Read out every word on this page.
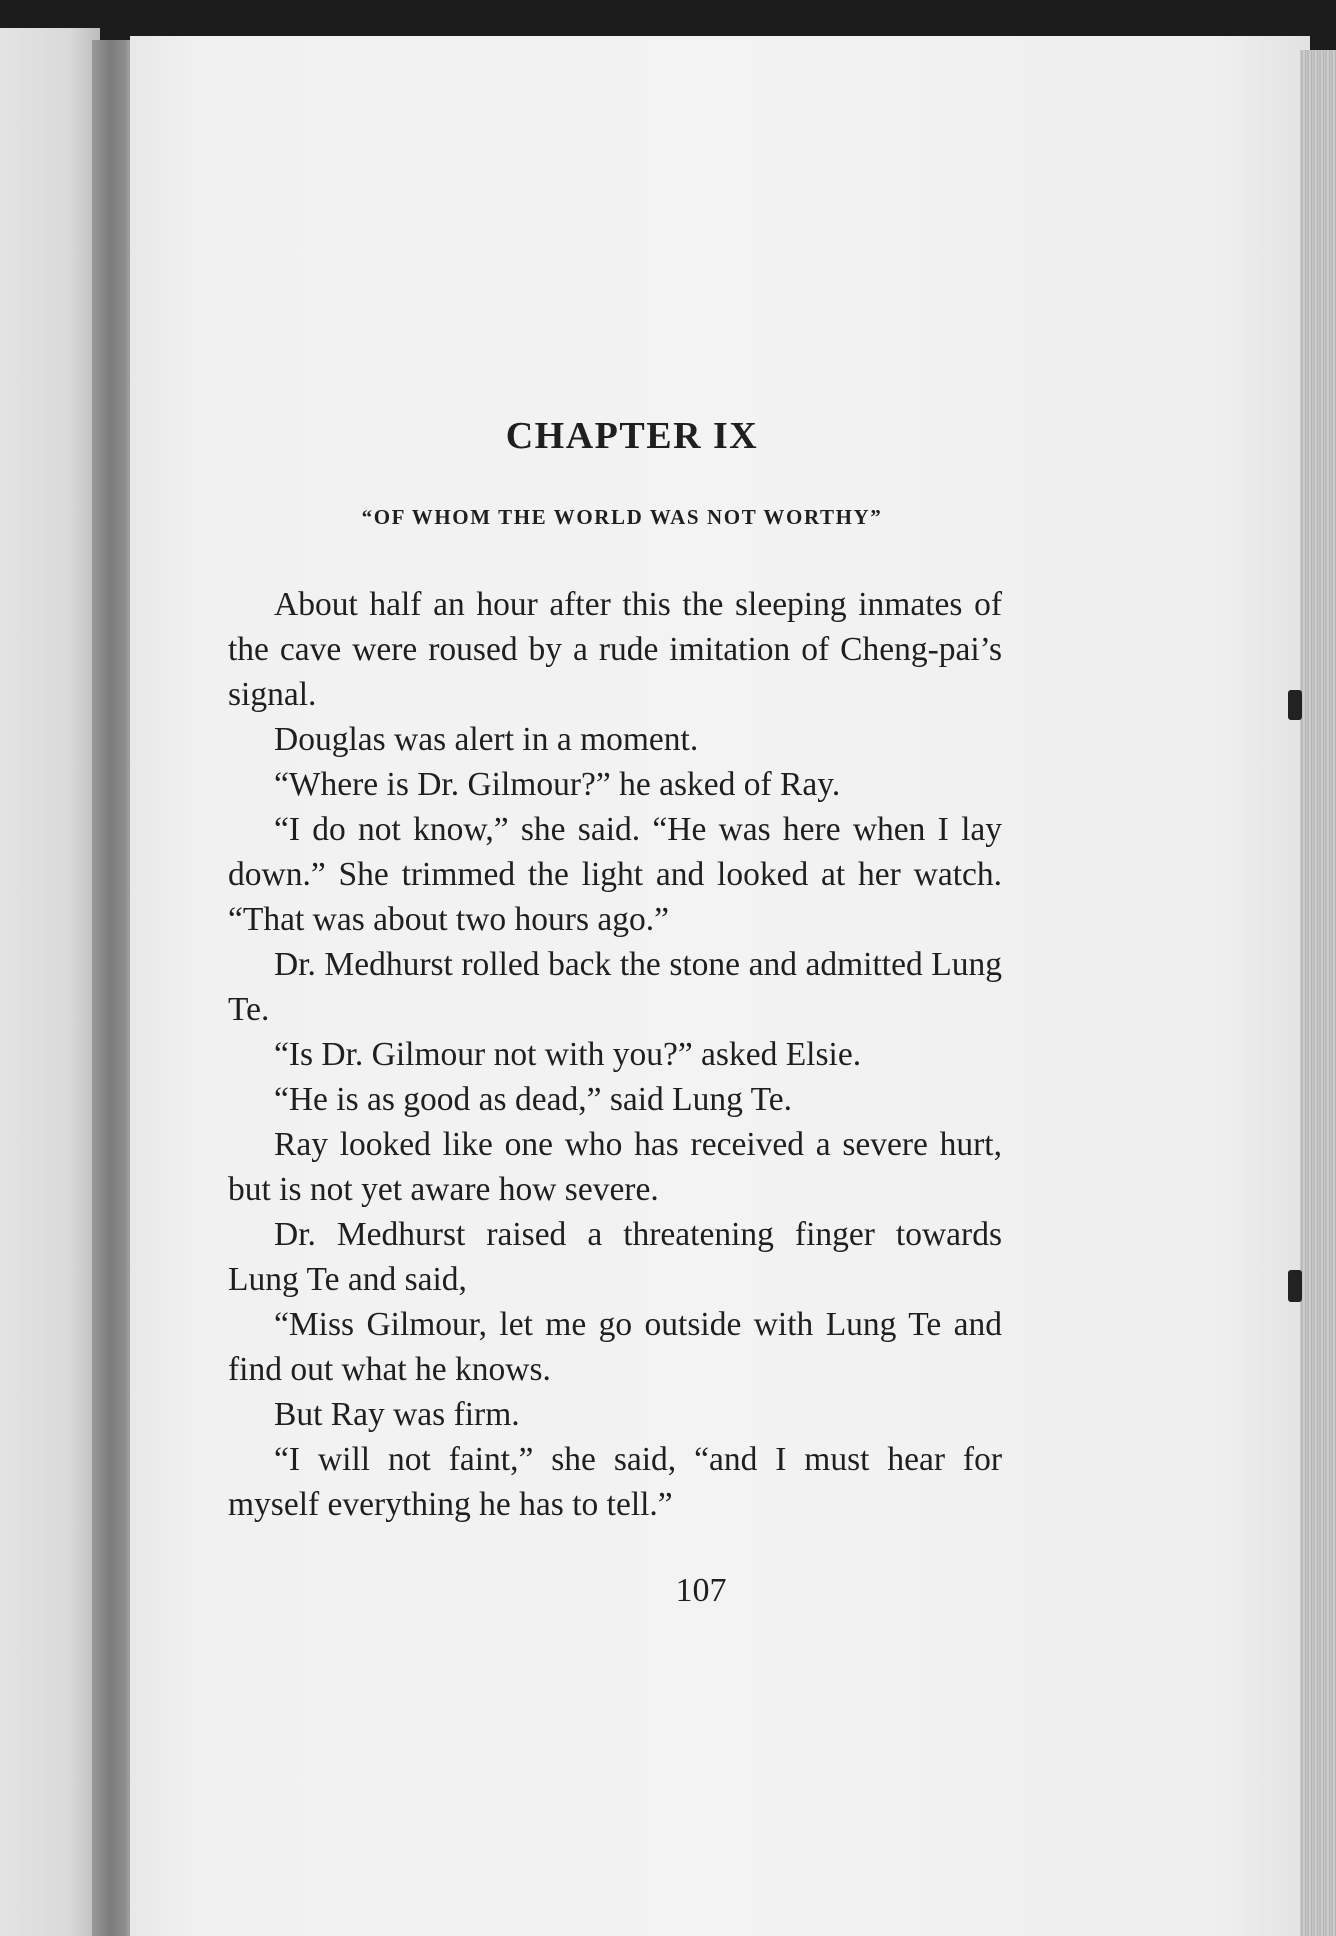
CHAPTER IX
“OF WHOM THE WORLD WAS NOT WORTHY”

About half an hour after this the sleeping inmates of the cave were roused by a rude imitation of Cheng-pai’s signal.

Douglas was alert in a moment.

“Where is Dr. Gilmour?” he asked of Ray.

“I do not know,” she said. “He was here when I lay down.” She trimmed the light and looked at her watch. “That was about two hours ago.”

Dr. Medhurst rolled back the stone and admitted Lung Te.

“Is Dr. Gilmour not with you?” asked Elsie.

“He is as good as dead,” said Lung Te.

Ray looked like one who has received a severe hurt, but is not yet aware how severe.

Dr. Medhurst raised a threatening finger towards Lung Te and said,

“Miss Gilmour, let me go outside with Lung Te and find out what he knows.

But Ray was firm.

“I will not faint,” she said, “and I must hear for myself everything he has to tell.”

107
